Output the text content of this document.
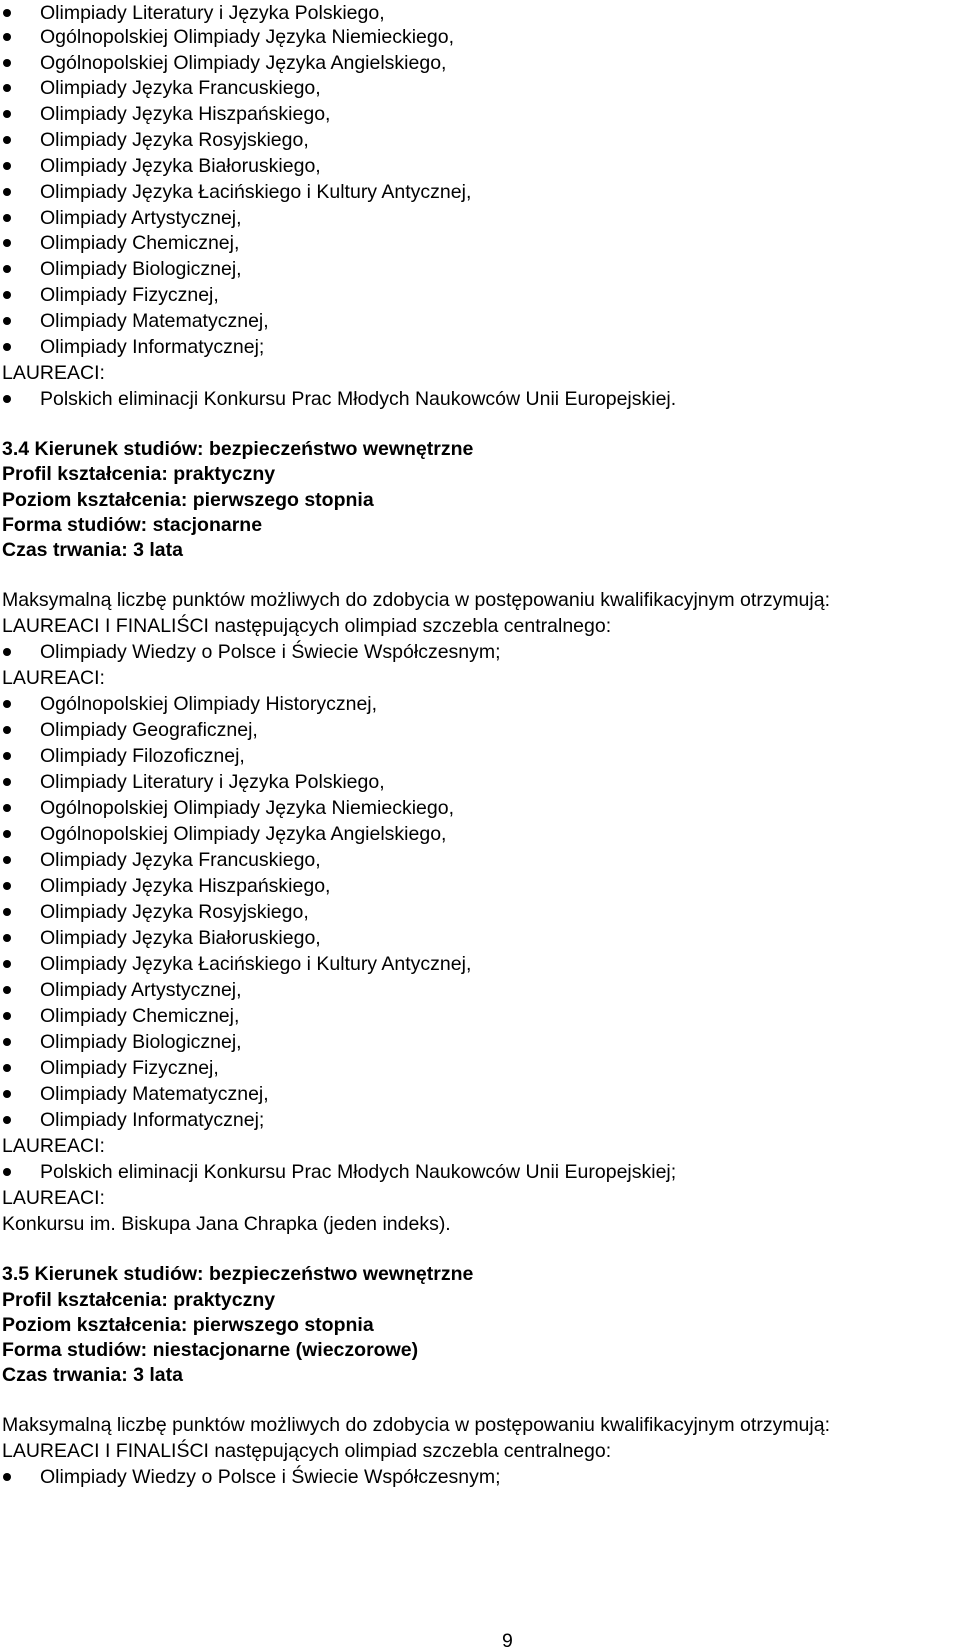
Olimpiady Literatury i Języka Polskiego,
Ogólnopolskiej Olimpiady Języka Niemieckiego,
Ogólnopolskiej Olimpiady Języka Angielskiego,
Olimpiady Języka Francuskiego,
Olimpiady Języka Hiszpańskiego,
Olimpiady Języka Rosyjskiego,
Olimpiady Języka Białoruskiego,
Olimpiady Języka Łacińskiego i Kultury Antycznej,
Olimpiady Artystycznej,
Olimpiady Chemicznej,
Olimpiady Biologicznej,
Olimpiady Fizycznej,
Olimpiady Matematycznej,
Olimpiady Informatycznej;
LAUREACI:
Polskich eliminacji Konkursu Prac Młodych Naukowców Unii Europejskiej.
3.4 Kierunek studiów: bezpieczeństwo wewnętrzne
Profil kształcenia: praktyczny
Poziom kształcenia: pierwszego stopnia
Forma studiów: stacjonarne
Czas trwania: 3 lata
Maksymalną liczbę punktów możliwych do zdobycia w postępowaniu kwalifikacyjnym otrzymują:
LAUREACI I FINALIŚCI następujących olimpiad szczebla centralnego:
Olimpiady Wiedzy o Polsce i Świecie Współczesnym;
LAUREACI:
Ogólnopolskiej Olimpiady Historycznej,
Olimpiady Geograficznej,
Olimpiady Filozoficznej,
Olimpiady Literatury i Języka Polskiego,
Ogólnopolskiej Olimpiady Języka Niemieckiego,
Ogólnopolskiej Olimpiady Języka Angielskiego,
Olimpiady Języka Francuskiego,
Olimpiady Języka Hiszpańskiego,
Olimpiady Języka Rosyjskiego,
Olimpiady Języka Białoruskiego,
Olimpiady Języka Łacińskiego i Kultury Antycznej,
Olimpiady Artystycznej,
Olimpiady Chemicznej,
Olimpiady Biologicznej,
Olimpiady Fizycznej,
Olimpiady Matematycznej,
Olimpiady Informatycznej;
LAUREACI:
Polskich eliminacji Konkursu Prac Młodych Naukowców Unii Europejskiej;
LAUREACI:
Konkursu im. Biskupa Jana Chrapka (jeden indeks).
3.5 Kierunek studiów: bezpieczeństwo wewnętrzne
Profil kształcenia: praktyczny
Poziom kształcenia: pierwszego stopnia
Forma studiów: niestacjonarne (wieczorowe)
Czas trwania: 3 lata
Maksymalną liczbę punktów możliwych do zdobycia w postępowaniu kwalifikacyjnym otrzymują:
LAUREACI I FINALIŚCI następujących olimpiad szczebla centralnego:
Olimpiady Wiedzy o Polsce i Świecie Współczesnym;
9
